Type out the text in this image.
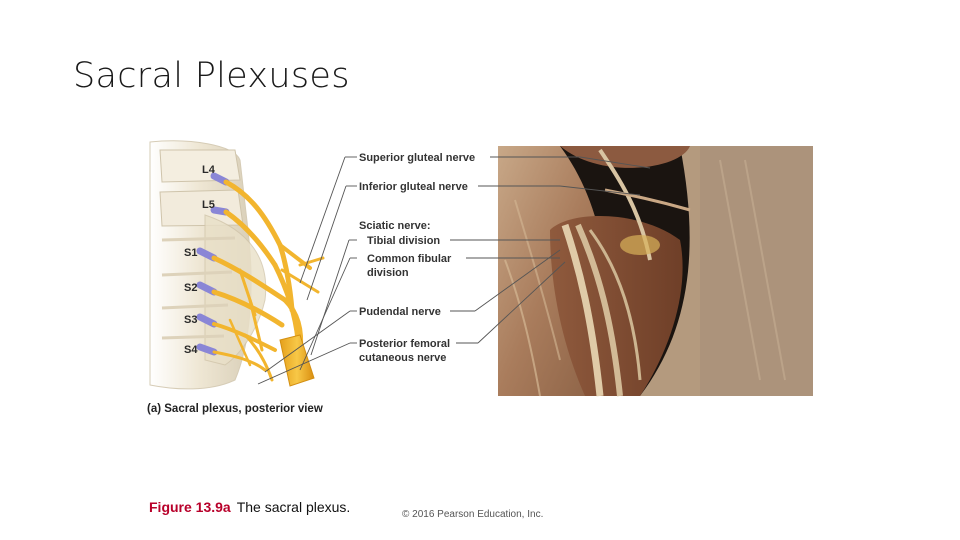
Sacral Plexuses
L4
L5
S1
S2
S3
S4
(a) Sacral plexus, posterior view
Superior gluteal nerve
Inferior gluteal nerve
Sciatic nerve:
Tibial division
Common fibular
division
Pudendal nerve
Posterior femoral
cutaneous nerve
Figure 13.9a The sacral plexus.	© 2016 Pearson Education, Inc.
